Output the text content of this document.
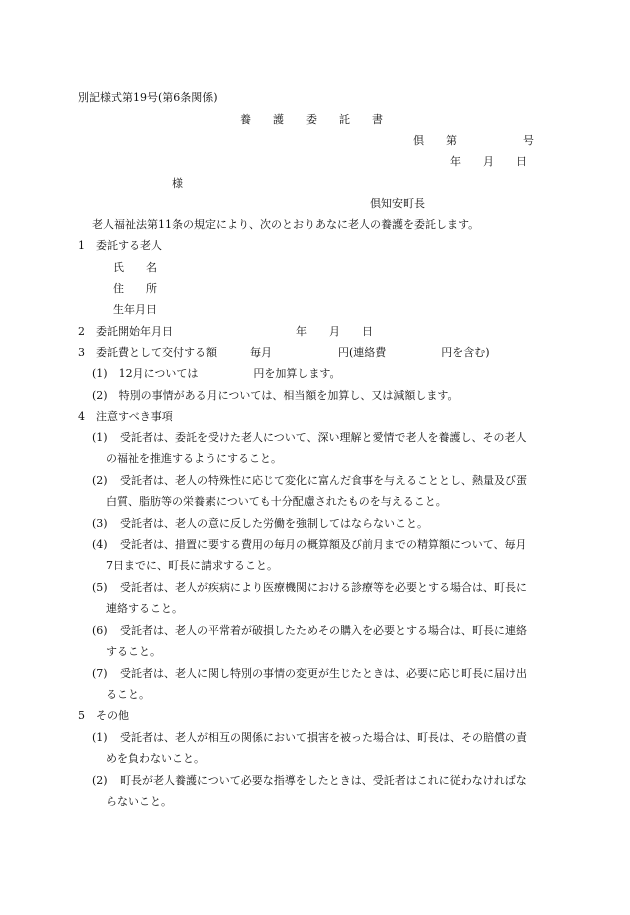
別記様式第19号(第6条関係)
養　　護　　委　　託　　書
倶　　第　　　　　　号
年　　月　　日
様
倶知安町長
老人福祉法第11条の規定により、次のとおりあなに老人の養護を委託します。
1　委託する老人
氏　　名
住　　所
生年月日
2　委託開始年月日	年　　月　　日
3　委託費として交付する額	毎月　　　　　　円(連絡費　　　　　円を含む)
(1)　12月については　　　　　円を加算します。
(2)　特別の事情がある月については、相当額を加算し、又は減額します。
4　注意すべき事項
(1) 受託者は、委託を受けた老人について、深い理解と愛情で老人を養護し、その老人
の福祉を推進するようにすること。
(2) 受託者は、老人の特殊性に応じて変化に富んだ食事を与えることとし、熱量及び蛋
白質、脂肪等の栄養素についても十分配慮されたものを与えること。
(3) 受託者は、老人の意に反した労働を強制してはならないこと。
(4) 受託者は、措置に要する費用の毎月の概算額及び前月までの精算額について、毎月
7日までに、町長に請求すること。
(5) 受託者は、老人が疾病により医療機関における診療等を必要とする場合は、町長に
連絡すること。
(6) 受託者は、老人の平常着が破損したためその購入を必要とする場合は、町長に連絡
すること。
(7) 受託者は、老人に関し特別の事情の変更が生じたときは、必要に応じ町長に届け出
ること。
5　その他
(1) 受託者は、老人が相互の関係において損害を被った場合は、町長は、その賠償の責
めを負わないこと。
(2) 町長が老人養護について必要な指導をしたときは、受託者はこれに従わなければな
らないこと。
